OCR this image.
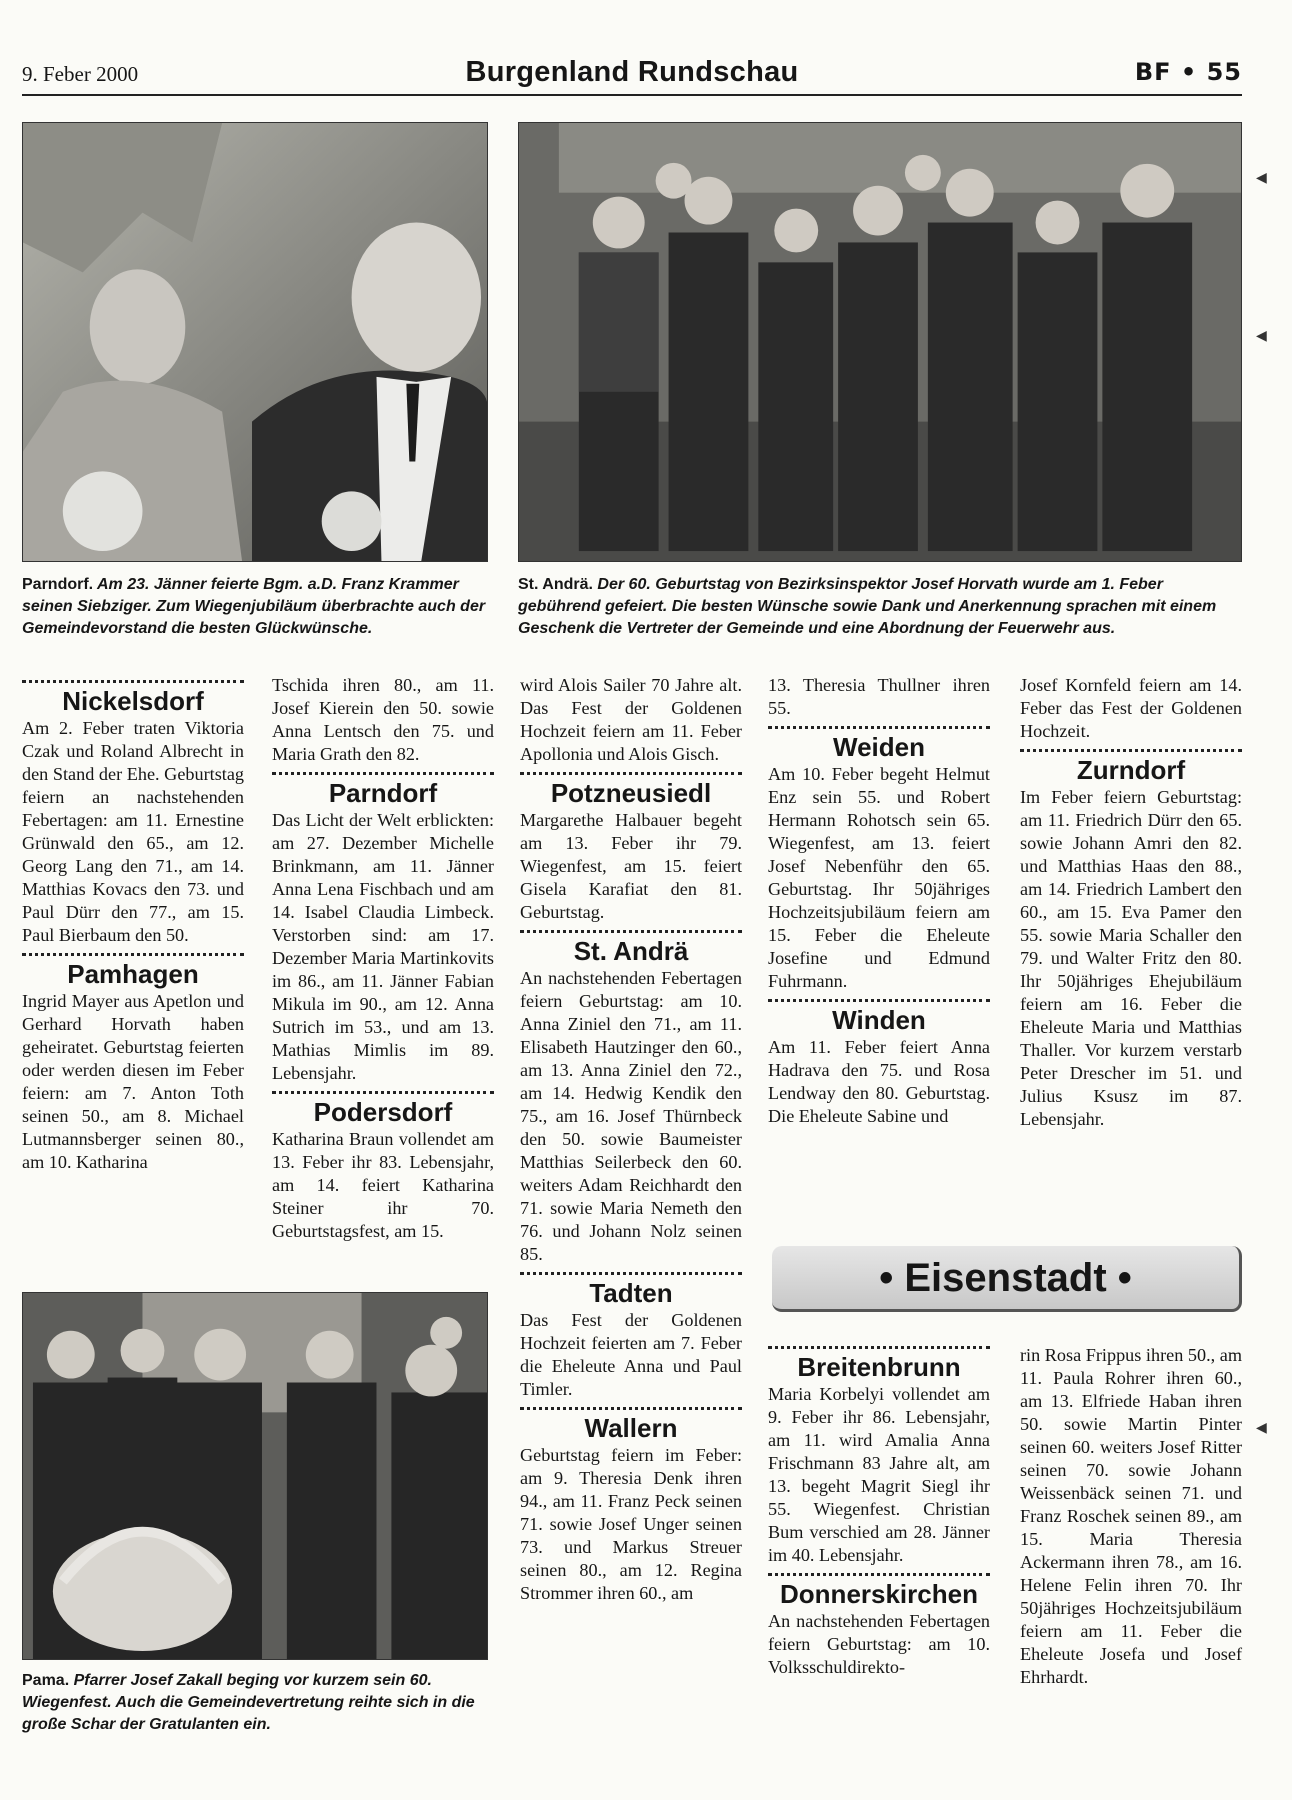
9. Feber 2000	Burgenland Rundschau	BF • 55
Parndorf. Am 23. Jänner feierte Bgm. a.D. Franz Krammer seinen Siebziger. Zum Wiegenjubiläum überbrachte auch der Gemeindevorstand die besten Glückwünsche.
St. Andrä. Der 60. Geburtstag von Bezirksinspektor Josef Horvath wurde am 1. Feber gebührend gefeiert. Die besten Wünsche sowie Dank und Anerkennung sprachen mit einem Geschenk die Vertreter der Gemeinde und eine Abordnung der Feuerwehr aus.
Nickelsdorf

Am 2. Feber traten Viktoria Czak und Roland Albrecht in den Stand der Ehe. Geburtstag feiern an nachstehenden Febertagen: am 11. Ernestine Grünwald den 65., am 12. Georg Lang den 71., am 14. Matthias Kovacs den 73. und Paul Dürr den 77., am 15. Paul Bierbaum den 50.

Pamhagen

Ingrid Mayer aus Apetlon und Gerhard Horvath haben geheiratet. Geburtstag feierten oder werden diesen im Feber feiern: am 7. Anton Toth seinen 50., am 8. Michael Lutmannsberger seinen 80., am 10. Katharina

Tschida ihren 80., am 11. Josef Kierein den 50. sowie Anna Lentsch den 75. und Maria Grath den 82.

Parndorf

Das Licht der Welt erblickten: am 27. Dezember Michelle Brinkmann, am 11. Jänner Anna Lena Fischbach und am 14. Isabel Claudia Limbeck. Verstorben sind: am 17. Dezember Maria Martinkovits im 86., am 11. Jänner Fabian Mikula im 90., am 12. Anna Sutrich im 53., und am 13. Mathias Mimlis im 89. Lebensjahr.

Podersdorf

Katharina Braun vollendet am 13. Feber ihr 83. Lebensjahr, am 14. feiert Katharina Steiner ihr 70. Geburtstagsfest, am 15.

Pama. Pfarrer Josef Zakall beging vor kurzem sein 60. Wiegenfest. Auch die Gemeindevertretung reihte sich in die große Schar der Gratulanten ein.

wird Alois Sailer 70 Jahre alt. Das Fest der Goldenen Hochzeit feiern am 11. Feber Apollonia und Alois Gisch.

Potzneusiedl

Margarethe Halbauer begeht am 13. Feber ihr 79. Wiegenfest, am 15. feiert Gisela Karafiat den 81. Geburtstag.

St. Andrä

An nachstehenden Febertagen feiern Geburtstag: am 10. Anna Ziniel den 71., am 11. Elisabeth Hautzinger den 60., am 13. Anna Ziniel den 72., am 14. Hedwig Kendik den 75., am 16. Josef Thürnbeck den 50. sowie Baumeister Matthias Seilerbeck den 60. weiters Adam Reichhardt den 71. sowie Maria Nemeth den 76. und Johann Nolz seinen 85.

Tadten

Das Fest der Goldenen Hochzeit feierten am 7. Feber die Eheleute Anna und Paul Timler.

Wallern

Geburtstag feiern im Feber: am 9. Theresia Denk ihren 94., am 11. Franz Peck seinen 71. sowie Josef Unger seinen 73. und Markus Streuer seinen 80., am 12. Regina Strommer ihren 60., am

13. Theresia Thullner ihren 55.

Weiden

Am 10. Feber begeht Helmut Enz sein 55. und Robert Hermann Rohotsch sein 65. Wiegenfest, am 13. feiert Josef Nebenführ den 65. Geburtstag. Ihr 50jähriges Hochzeitsjubiläum feiern am 15. Feber die Eheleute Josefine und Edmund Fuhrmann.

Winden

Am 11. Feber feiert Anna Hadrava den 75. und Rosa Lendway den 80. Geburtstag. Die Eheleute Sabine und

Josef Kornfeld feiern am 14. Feber das Fest der Goldenen Hochzeit.

Zurndorf

Im Feber feiern Geburtstag: am 11. Friedrich Dürr den 65. sowie Johann Amri den 82. und Matthias Haas den 88., am 14. Friedrich Lambert den 60., am 15. Eva Pamer den 55. sowie Maria Schaller den 79. und Walter Fritz den 80. Ihr 50jähriges Ehejubiläum feiern am 16. Feber die Eheleute Maria und Matthias Thaller. Vor kurzem verstarb Peter Drescher im 51. und Julius Ksusz im 87. Lebensjahr.

• Eisenstadt •
Breitenbrunn

Maria Korbelyi vollendet am 9. Feber ihr 86. Lebensjahr, am 11. wird Amalia Anna Frischmann 83 Jahre alt, am 13. begeht Magrit Siegl ihr 55. Wiegenfest. Christian Bum verschied am 28. Jänner im 40. Lebensjahr.

Donnerskirchen

An nachstehenden Febertagen feiern Geburtstag: am 10. Volksschuldirekto-

rin Rosa Frippus ihren 50., am 11. Paula Rohrer ihren 60., am 13. Elfriede Haban ihren 50. sowie Martin Pinter seinen 60. weiters Josef Ritter seinen 70. sowie Johann Weissenbäck seinen 71. und Franz Roschek seinen 89., am 15. Maria Theresia Ackermann ihren 78., am 16. Helene Felin ihren 70. Ihr 50jähriges Hochzeitsjubiläum feiern am 11. Feber die Eheleute Josefa und Josef Ehrhardt.

◀
◀
◀
